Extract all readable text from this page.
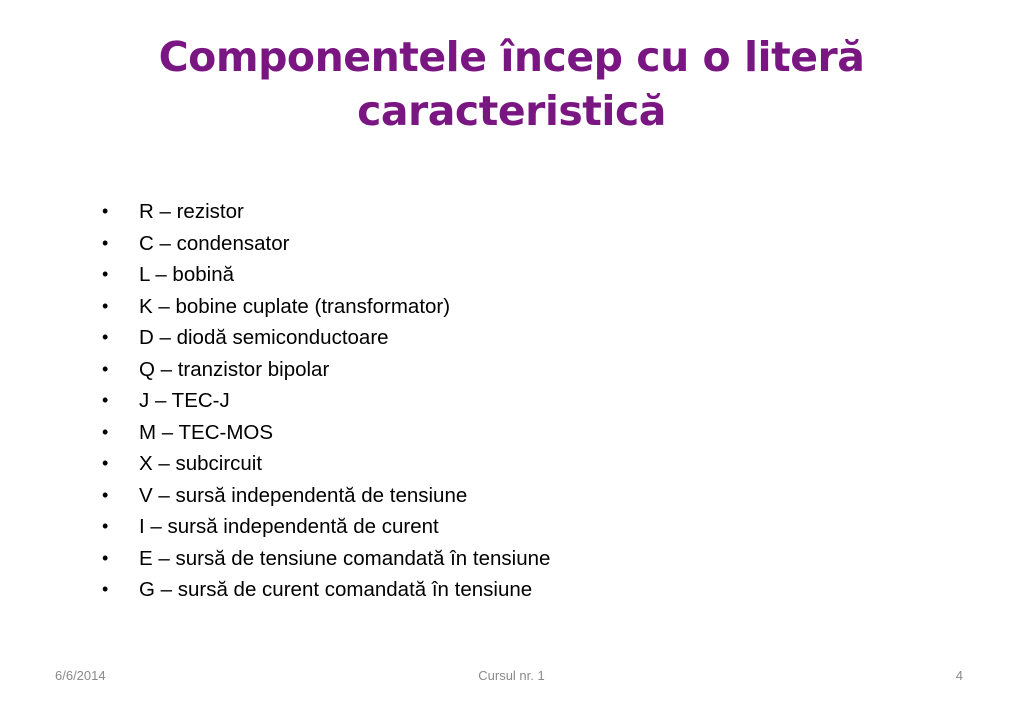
Componentele încep cu o literă
caracteristică
• R – rezistor
• C – condensator
• L – bobină
• K – bobine cuplate (transformator)
• D – diodă semiconductoare
• Q – tranzistor bipolar
• J – TEC-J
• M – TEC-MOS
• X – subcircuit
• V – sursă independentă de tensiune
• I – sursă independentă de curent
• E – sursă de tensiune comandată în tensiune
• G – sursă de curent comandată în tensiune
6/6/2014	Cursul nr. 1	4
